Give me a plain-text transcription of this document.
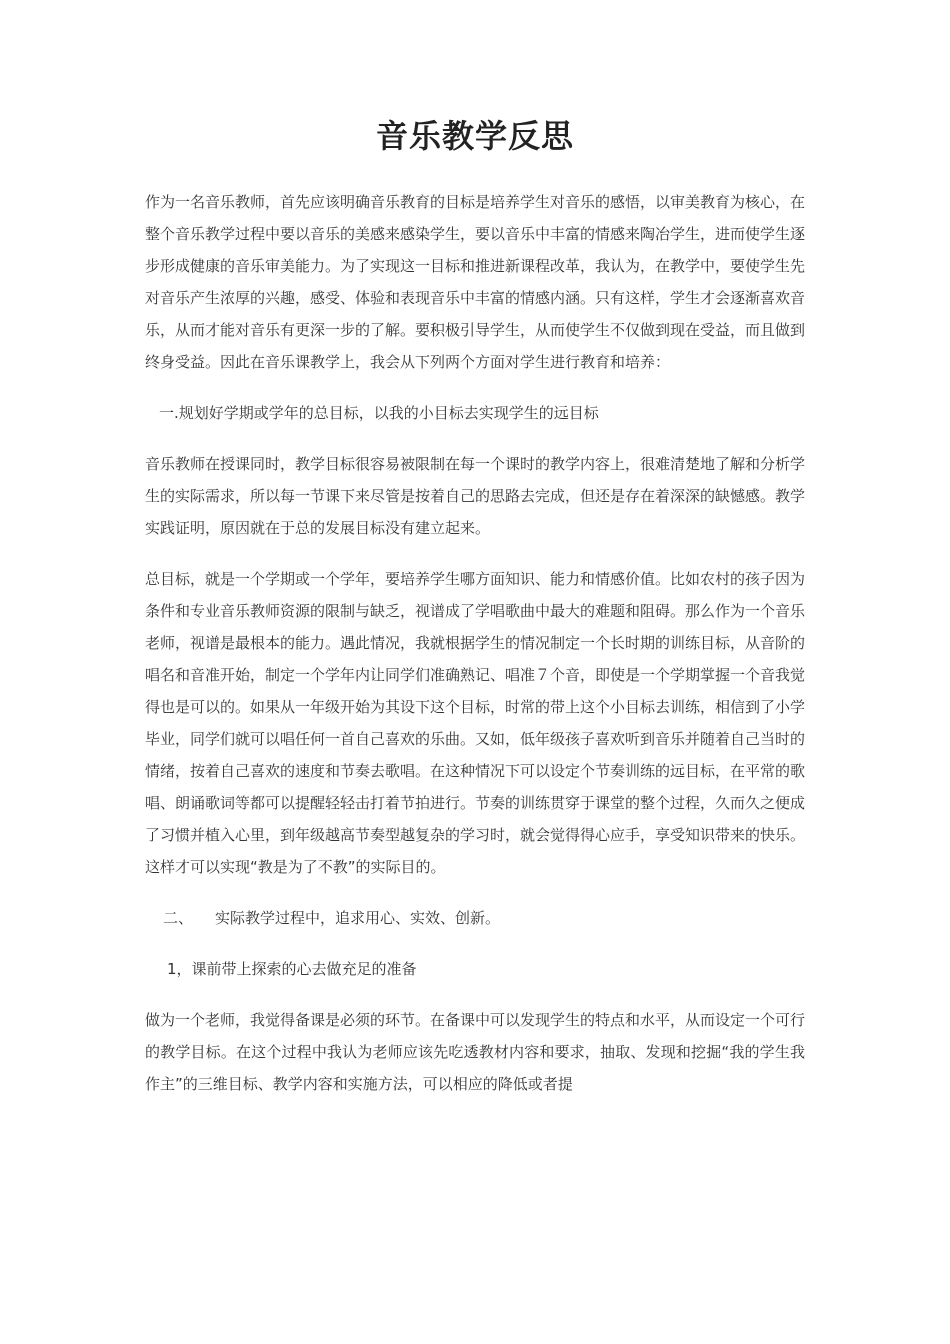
音乐教学反思

作为一名音乐教师，首先应该明确音乐教育的目标是培养学生对音乐的感悟，以审美教育为核心，在整个音乐教学过程中要以音乐的美感来感染学生，要以音乐中丰富的情感来陶冶学生，进而使学生逐步形成健康的音乐审美能力。为了实现这一目标和推进新课程改革，我认为，在教学中，要使学生先对音乐产生浓厚的兴趣，感受、体验和表现音乐中丰富的情感内涵。只有这样，学生才会逐渐喜欢音乐，从而才能对音乐有更深一步的了解。要积极引导学生，从而使学生不仅做到现在受益，而且做到终身受益。因此在音乐课教学上，我会从下列两个方面对学生进行教育和培养：

一.规划好学期或学年的总目标，以我的小目标去实现学生的远目标

音乐教师在授课同时，教学目标很容易被限制在每一个课时的教学内容上，很难清楚地了解和分析学生的实际需求，所以每一节课下来尽管是按着自己的思路去完成，但还是存在着深深的缺憾感。教学实践证明，原因就在于总的发展目标没有建立起来。

总目标，就是一个学期或一个学年，要培养学生哪方面知识、能力和情感价值。比如农村的孩子因为条件和专业音乐教师资源的限制与缺乏，视谱成了学唱歌曲中最大的难题和阻碍。那么作为一个音乐老师，视谱是最根本的能力。遇此情况，我就根据学生的情况制定一个长时期的训练目标，从音阶的唱名和音准开始，制定一个学年内让同学们准确熟记、唱准７个音，即使是一个学期掌握一个音我觉得也是可以的。如果从一年级开始为其设下这个目标，时常的带上这个小目标去训练，相信到了小学毕业，同学们就可以唱任何一首自己喜欢的乐曲。又如，低年级孩子喜欢听到音乐并随着自己当时的情绪，按着自己喜欢的速度和节奏去歌唱。在这种情况下可以设定个节奏训练的远目标，在平常的歌唱、朗诵歌词等都可以提醒轻轻击打着节拍进行。节奏的训练贯穿于课堂的整个过程，久而久之便成了习惯并植入心里，到年级越高节奏型越复杂的学习时，就会觉得得心应手，享受知识带来的快乐。这样才可以实现“教是为了不教”的实际目的。

二、 实际教学过程中，追求用心、实效、创新。

1，课前带上探索的心去做充足的准备

做为一个老师，我觉得备课是必须的环节。在备课中可以发现学生的特点和水平，从而设定一个可行的教学目标。在这个过程中我认为老师应该先吃透教材内容和要求，抽取、发现和挖掘“我的学生我作主”的三维目标、教学内容和实施方法，可以相应的降低或者提
